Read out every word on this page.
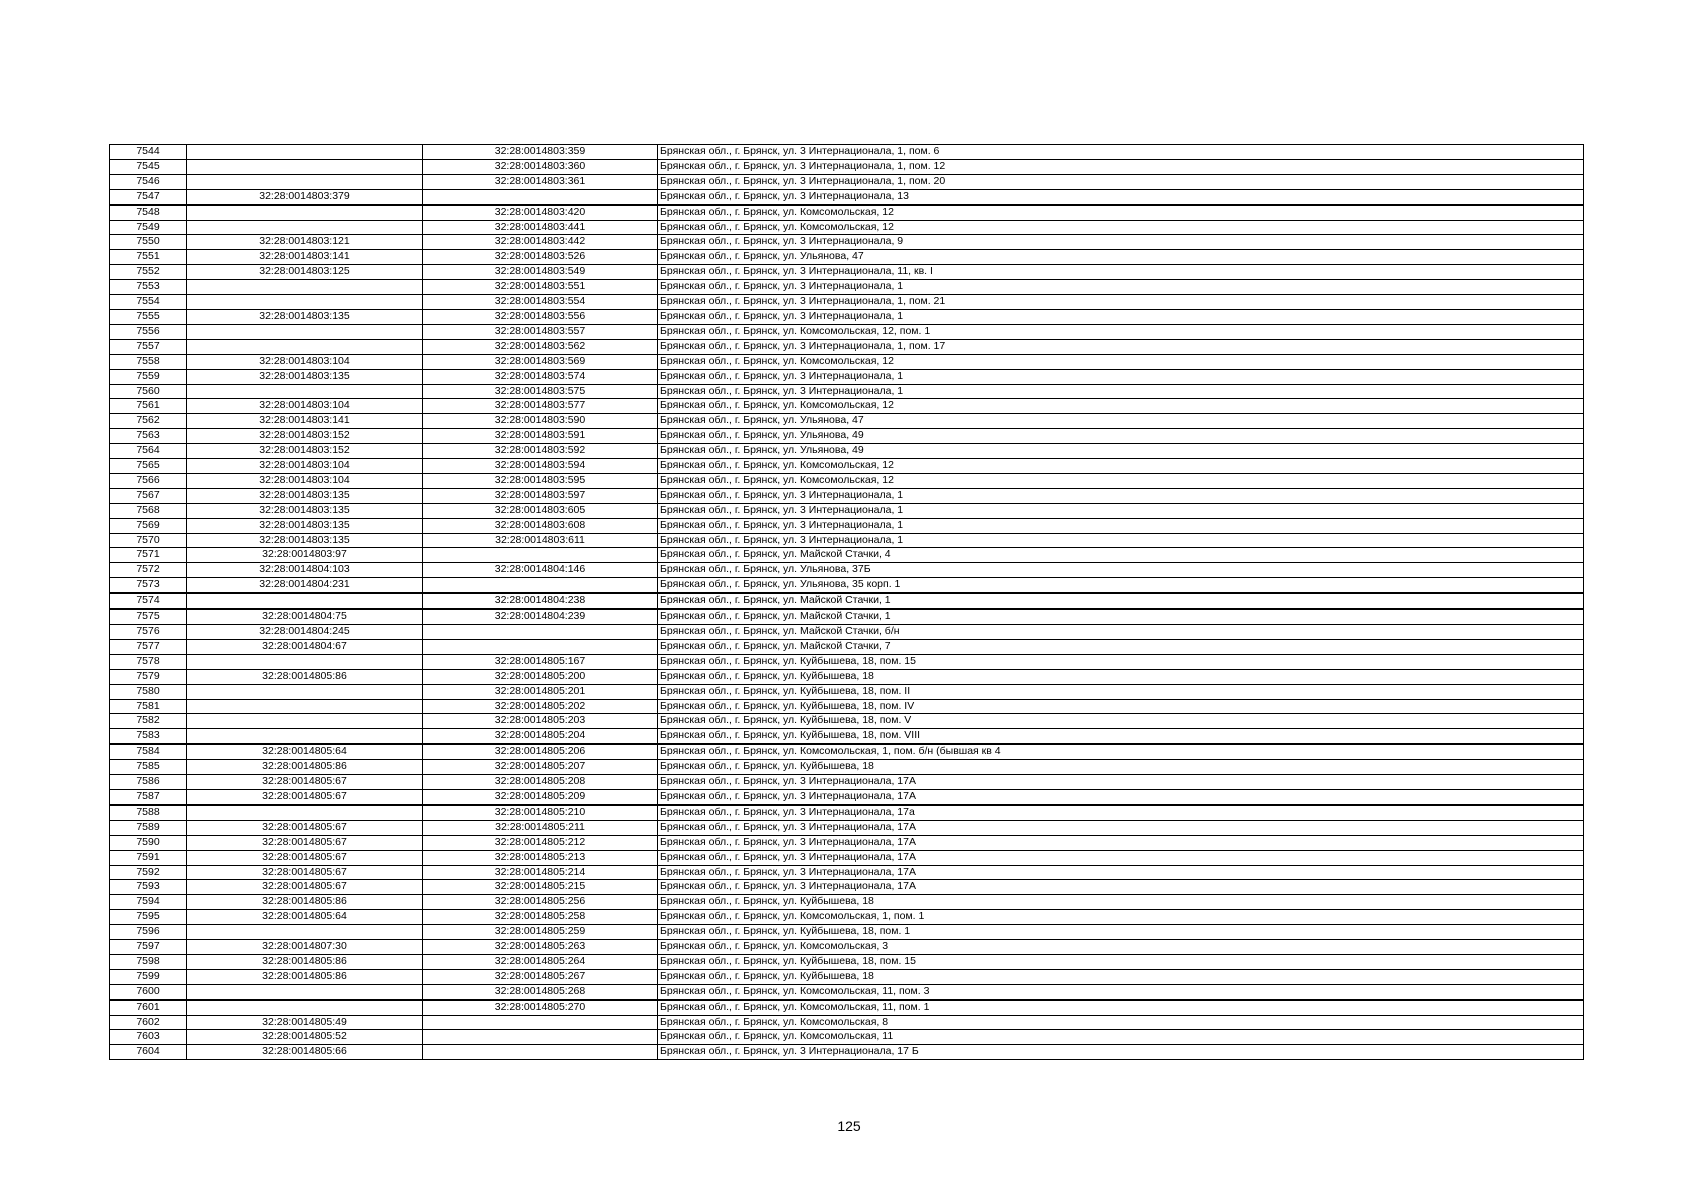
7544		32:28:0014803:359	Брянская обл., г. Брянск, ул. 3 Интернационала, 1, пом. 6
7545		32:28:0014803:360	Брянская обл., г. Брянск, ул. 3 Интернационала, 1, пом. 12
7546		32:28:0014803:361	Брянская обл., г. Брянск, ул. 3 Интернационала, 1, пом. 20
7547	32:28:0014803:379		Брянская обл., г. Брянск, ул. 3 Интернационала, 13
7548		32:28:0014803:420	Брянская обл., г. Брянск, ул. Комсомольская, 12
7549		32:28:0014803:441	Брянская обл., г. Брянск, ул. Комсомольская, 12
7550	32:28:0014803:121	32:28:0014803:442	Брянская обл., г. Брянск, ул. 3 Интернационала, 9
7551	32:28:0014803:141	32:28:0014803:526	Брянская обл., г. Брянск, ул. Ульянова, 47
7552	32:28:0014803:125	32:28:0014803:549	Брянская обл., г. Брянск, ул. 3 Интернационала, 11, кв. I
7553		32:28:0014803:551	Брянская обл., г. Брянск, ул. 3 Интернационала, 1
7554		32:28:0014803:554	Брянская обл., г. Брянск, ул. 3 Интернационала, 1, пом. 21
7555	32:28:0014803:135	32:28:0014803:556	Брянская обл., г. Брянск, ул. 3 Интернационала, 1
7556		32:28:0014803:557	Брянская обл., г. Брянск, ул. Комсомольская, 12, пом. 1
7557		32:28:0014803:562	Брянская обл., г. Брянск, ул. 3 Интернационала, 1, пом. 17
7558	32:28:0014803:104	32:28:0014803:569	Брянская обл., г. Брянск, ул. Комсомольская, 12
7559	32:28:0014803:135	32:28:0014803:574	Брянская обл., г. Брянск, ул. 3 Интернационала, 1
7560		32:28:0014803:575	Брянская обл., г. Брянск, ул. 3 Интернационала, 1
7561	32:28:0014803:104	32:28:0014803:577	Брянская обл., г. Брянск, ул. Комсомольская, 12
7562	32:28:0014803:141	32:28:0014803:590	Брянская обл., г. Брянск, ул. Ульянова, 47
7563	32:28:0014803:152	32:28:0014803:591	Брянская обл., г. Брянск, ул. Ульянова, 49
7564	32:28:0014803:152	32:28:0014803:592	Брянская обл., г. Брянск, ул. Ульянова, 49
7565	32:28:0014803:104	32:28:0014803:594	Брянская обл., г. Брянск, ул. Комсомольская, 12
7566	32:28:0014803:104	32:28:0014803:595	Брянская обл., г. Брянск, ул. Комсомольская, 12
7567	32:28:0014803:135	32:28:0014803:597	Брянская обл., г. Брянск, ул. 3 Интернационала, 1
7568	32:28:0014803:135	32:28:0014803:605	Брянская обл., г. Брянск, ул. 3 Интернационала, 1
7569	32:28:0014803:135	32:28:0014803:608	Брянская обл., г. Брянск, ул. 3 Интернационала, 1
7570	32:28:0014803:135	32:28:0014803:611	Брянская обл., г. Брянск, ул. 3 Интернационала, 1
7571	32:28:0014803:97		Брянская обл., г. Брянск, ул. Майской Стачки, 4
7572	32:28:0014804:103	32:28:0014804:146	Брянская обл., г. Брянск, ул. Ульянова, 37Б
7573	32:28:0014804:231		Брянская обл., г. Брянск, ул. Ульянова, 35 корп. 1
7574		32:28:0014804:238	Брянская обл., г. Брянск, ул. Майской Стачки, 1
7575	32:28:0014804:75	32:28:0014804:239	Брянская обл., г. Брянск, ул. Майской Стачки, 1
7576	32:28:0014804:245		Брянская обл., г. Брянск, ул. Майской Стачки, б/н
7577	32:28:0014804:67		Брянская обл., г. Брянск, ул. Майской Стачки, 7
7578		32:28:0014805:167	Брянская обл., г. Брянск, ул. Куйбышева, 18, пом. 15
7579	32:28:0014805:86	32:28:0014805:200	Брянская обл., г. Брянск, ул. Куйбышева, 18
7580		32:28:0014805:201	Брянская обл., г. Брянск, ул. Куйбышева, 18, пом. II
7581		32:28:0014805:202	Брянская обл., г. Брянск, ул. Куйбышева, 18, пом. IV
7582		32:28:0014805:203	Брянская обл., г. Брянск, ул. Куйбышева, 18, пом. V
7583		32:28:0014805:204	Брянская обл., г. Брянск, ул. Куйбышева, 18, пом. VIII
7584	32:28:0014805:64	32:28:0014805:206	Брянская обл., г. Брянск, ул. Комсомольская, 1, пом. б/н (бывшая кв 4
7585	32:28:0014805:86	32:28:0014805:207	Брянская обл., г. Брянск, ул. Куйбышева, 18
7586	32:28:0014805:67	32:28:0014805:208	Брянская обл., г. Брянск, ул. 3 Интернационала, 17А
7587	32:28:0014805:67	32:28:0014805:209	Брянская обл., г. Брянск, ул. 3 Интернационала, 17А
7588		32:28:0014805:210	Брянская обл., г. Брянск, ул. 3 Интернационала, 17а
7589	32:28:0014805:67	32:28:0014805:211	Брянская обл., г. Брянск, ул. 3 Интернационала, 17А
7590	32:28:0014805:67	32:28:0014805:212	Брянская обл., г. Брянск, ул. 3 Интернационала, 17А
7591	32:28:0014805:67	32:28:0014805:213	Брянская обл., г. Брянск, ул. 3 Интернационала, 17А
7592	32:28:0014805:67	32:28:0014805:214	Брянская обл., г. Брянск, ул. 3 Интернационала, 17А
7593	32:28:0014805:67	32:28:0014805:215	Брянская обл., г. Брянск, ул. 3 Интернационала, 17А
7594	32:28:0014805:86	32:28:0014805:256	Брянская обл., г. Брянск, ул. Куйбышева, 18
7595	32:28:0014805:64	32:28:0014805:258	Брянская обл., г. Брянск, ул. Комсомольская, 1, пом. 1
7596		32:28:0014805:259	Брянская обл., г. Брянск, ул. Куйбышева, 18, пом. 1
7597	32:28:0014807:30	32:28:0014805:263	Брянская обл., г. Брянск, ул. Комсомольская, 3
7598	32:28:0014805:86	32:28:0014805:264	Брянская обл., г. Брянск, ул. Куйбышева, 18, пом. 15
7599	32:28:0014805:86	32:28:0014805:267	Брянская обл., г. Брянск, ул. Куйбышева, 18
7600		32:28:0014805:268	Брянская обл., г. Брянск, ул. Комсомольская, 11, пом. 3
7601		32:28:0014805:270	Брянская обл., г. Брянск, ул. Комсомольская, 11, пом. 1
7602	32:28:0014805:49		Брянская обл., г. Брянск, ул. Комсомольская, 8
7603	32:28:0014805:52		Брянская обл., г. Брянск, ул. Комсомольская, 11
7604	32:28:0014805:66		Брянская обл., г. Брянск, ул. 3 Интернационала, 17 Б
125
